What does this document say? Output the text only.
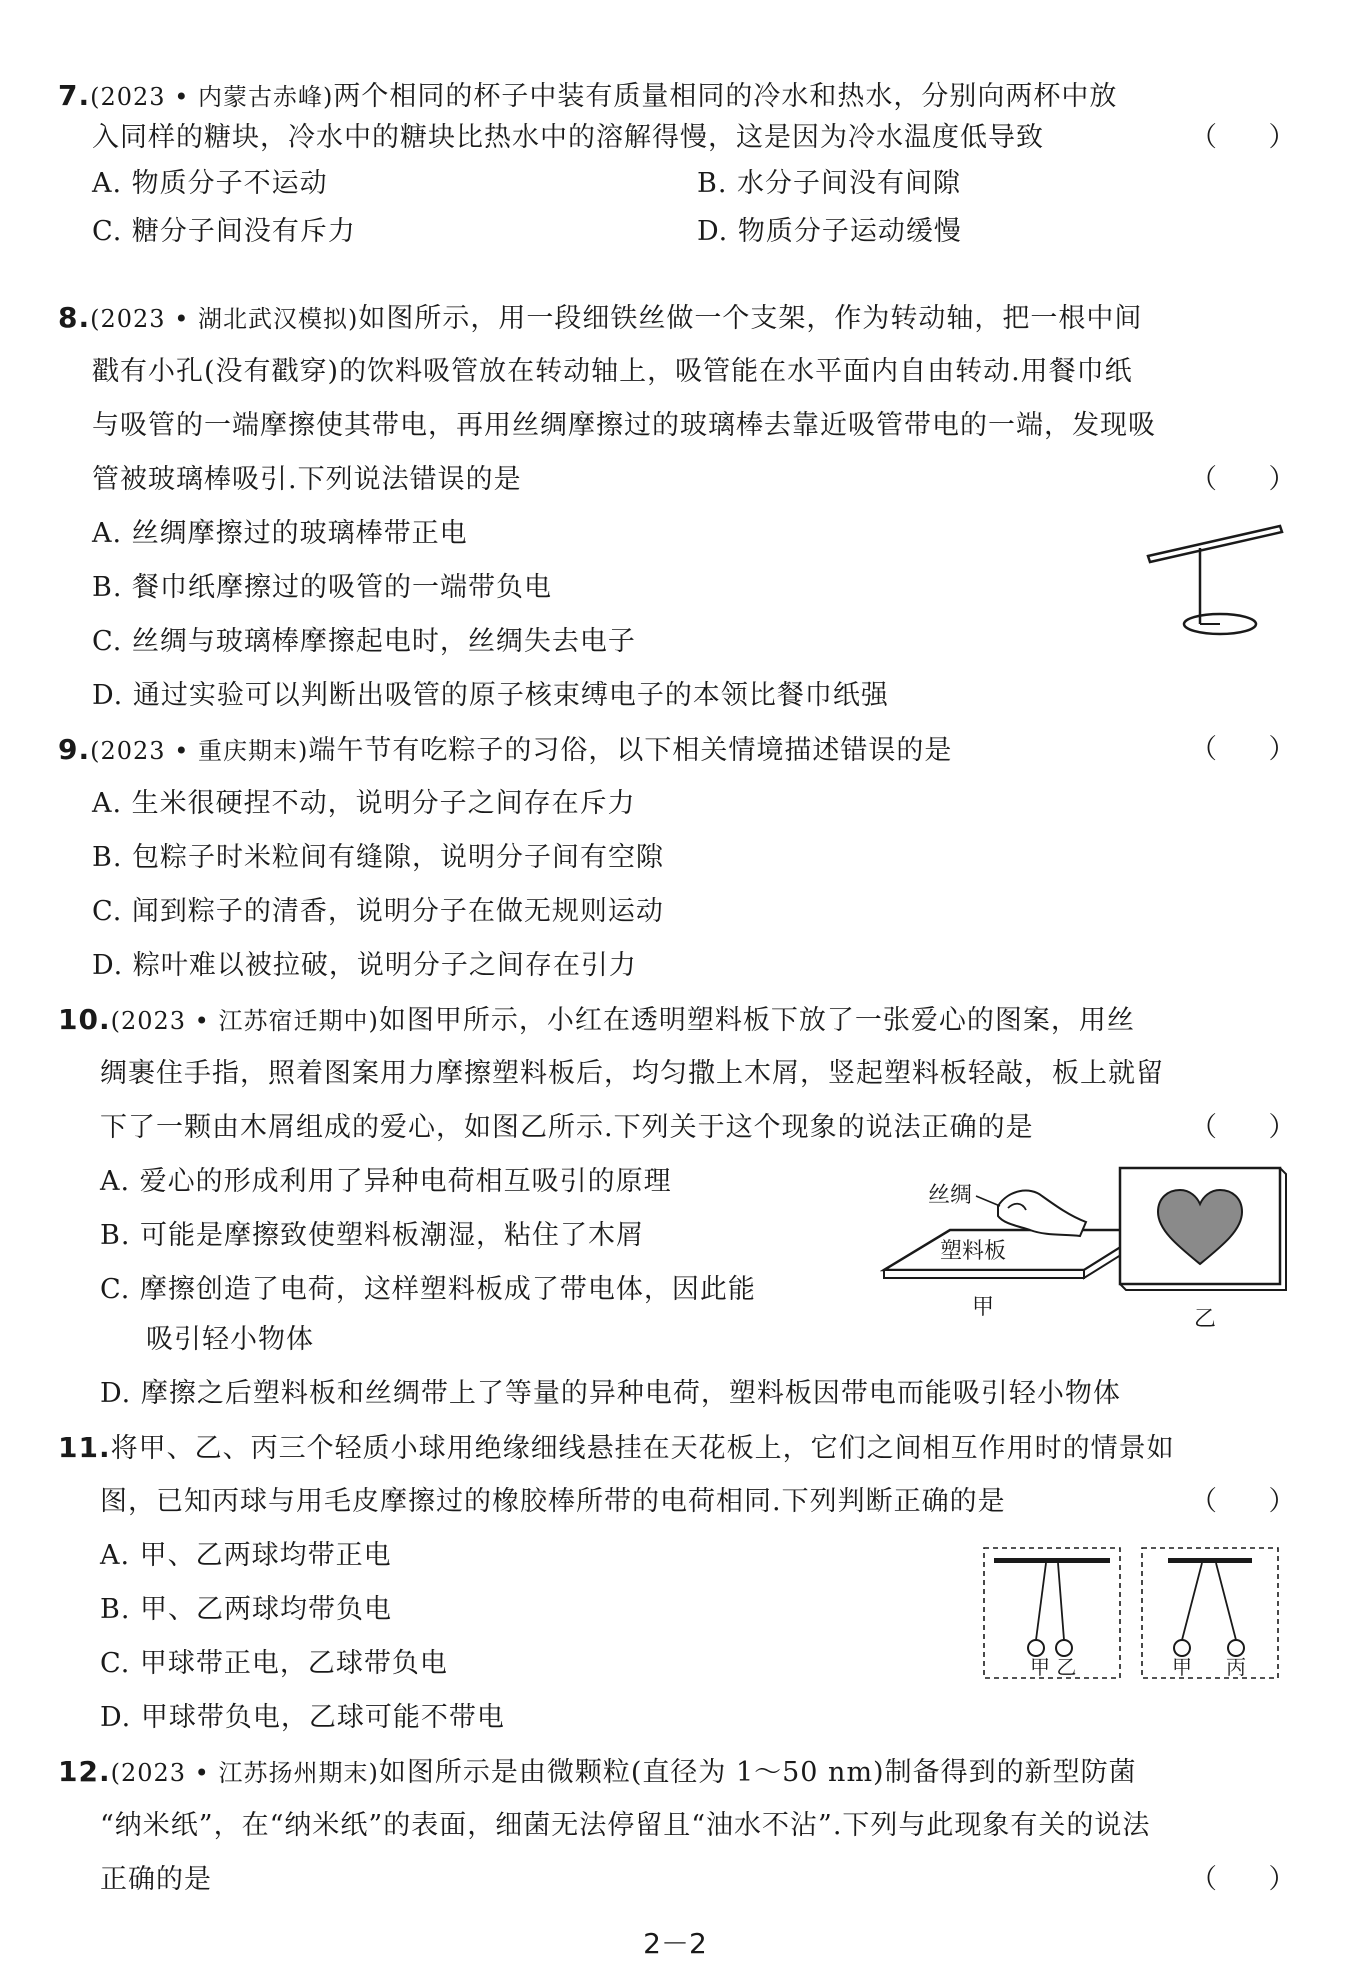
7.(2023 • 内蒙古赤峰)两个相同的杯子中装有质量相同的冷水和热水，分别向两杯中放
入同样的糖块，冷水中的糖块比热水中的溶解得慢，这是因为冷水温度低导致	（      ）
A. 物质分子不运动	B. 水分子间没有间隙
C. 糖分子间没有斥力	D. 物质分子运动缓慢
8.(2023 • 湖北武汉模拟)如图所示，用一段细铁丝做一个支架，作为转动轴，把一根中间
戳有小孔(没有戳穿)的饮料吸管放在转动轴上，吸管能在水平面内自由转动.用餐巾纸
与吸管的一端摩擦使其带电，再用丝绸摩擦过的玻璃棒去靠近吸管带电的一端，发现吸
管被玻璃棒吸引.下列说法错误的是	（      ）
A. 丝绸摩擦过的玻璃棒带正电
B. 餐巾纸摩擦过的吸管的一端带负电
C. 丝绸与玻璃棒摩擦起电时，丝绸失去电子
D. 通过实验可以判断出吸管的原子核束缚电子的本领比餐巾纸强
9.(2023 • 重庆期末)端午节有吃粽子的习俗，以下相关情境描述错误的是	（      ）
A. 生米很硬捏不动，说明分子之间存在斥力
B. 包粽子时米粒间有缝隙，说明分子间有空隙
C. 闻到粽子的清香，说明分子在做无规则运动
D. 粽叶难以被拉破，说明分子之间存在引力
10.(2023 • 江苏宿迁期中)如图甲所示，小红在透明塑料板下放了一张爱心的图案，用丝
绸裹住手指，照着图案用力摩擦塑料板后，均匀撒上木屑，竖起塑料板轻敲，板上就留
下了一颗由木屑组成的爱心，如图乙所示.下列关于这个现象的说法正确的是	（      ）
A. 爱心的形成利用了异种电荷相互吸引的原理
B. 可能是摩擦致使塑料板潮湿，粘住了木屑
C. 摩擦创造了电荷，这样塑料板成了带电体，因此能
吸引轻小物体
D. 摩擦之后塑料板和丝绸带上了等量的异种电荷，塑料板因带电而能吸引轻小物体
丝绸
塑料板
甲	乙
11.将甲、乙、丙三个轻质小球用绝缘细线悬挂在天花板上，它们之间相互作用时的情景如
图，已知丙球与用毛皮摩擦过的橡胶棒所带的电荷相同.下列判断正确的是	（      ）
A. 甲、乙两球均带正电
B. 甲、乙两球均带负电
C. 甲球带正电，乙球带负电
D. 甲球带负电，乙球可能不带电
甲 乙	甲 丙
12.(2023 • 江苏扬州期末)如图所示是由微颗粒(直径为 1～50 nm)制备得到的新型防菌
“纳米纸”，在“纳米纸”的表面，细菌无法停留且“油水不沾”.下列与此现象有关的说法
正确的是	（      ）
2－2
